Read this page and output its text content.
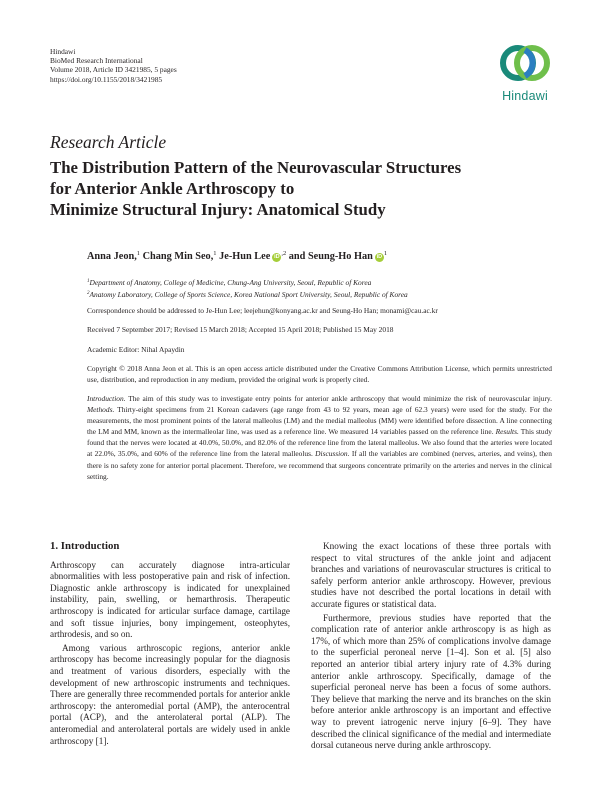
Hindawi
BioMed Research International
Volume 2018, Article ID 3421985, 5 pages
https://doi.org/10.1155/2018/3421985
Hindawi
Research Article
The Distribution Pattern of the Neurovascular Structures
for Anterior Ankle Arthroscopy to
Minimize Structural Injury: Anatomical Study
Anna Jeon,$^1$ Chang Min Seo,$^1$ Je-Hun Lee iD $^{,2}$ and Seung-Ho Han iD $^1$
$^1$Department of Anatomy, College of Medicine, Chung-Ang University, Seoul, Republic of Korea
$^2$Anatomy Laboratory, College of Sports Science, Korea National Sport University, Seoul, Republic of Korea
Correspondence should be addressed to Je-Hun Lee; leejehun@konyang.ac.kr and Seung-Ho Han; monami@cau.ac.kr
Received 7 September 2017; Revised 15 March 2018; Accepted 15 April 2018; Published 15 May 2018
Academic Editor: Nihal Apaydin
Copyright © 2018 Anna Jeon et al. This is an open access article distributed under the Creative Commons Attribution License, which permits unrestricted use, distribution, and reproduction in any medium, provided the original work is properly cited.
Introduction. The aim of this study was to investigate entry points for anterior ankle arthroscopy that would minimize the risk of neurovascular injury. Methods. Thirty-eight specimens from 21 Korean cadavers (age range from 43 to 92 years, mean age of 62.3 years) were used for the study. For the measurements, the most prominent points of the lateral malleolus (LM) and the medial malleolus (MM) were identified before dissection. A line connecting the LM and MM, known as the intermalleolar line, was used as a reference line. We measured 14 variables passed on the reference line. Results. This study found that the nerves were located at 40.0%, 50.0%, and 82.0% of the reference line from the lateral malleolus. We also found that the arteries were located at 22.0%, 35.0%, and 60% of the reference line from the lateral malleolus. Discussion. If all the variables are combined (nerves, arteries, and veins), then there is no safety zone for anterior portal placement. Therefore, we recommend that surgeons concentrate primarily on the arteries and nerves in the clinical setting.
1. Introduction

Arthroscopy can accurately diagnose intra-articular abnormalities with less postoperative pain and risk of infection. Diagnostic ankle arthroscopy is indicated for unexplained instability, pain, swelling, or hemarthrosis. Therapeutic arthroscopy is indicated for articular surface damage, cartilage and soft tissue injuries, bony impingement, osteophytes, arthrodesis, and so on.

Among various arthroscopic regions, anterior ankle arthroscopy has become increasingly popular for the diagnosis and treatment of various disorders, especially with the development of new arthroscopic instruments and techniques. There are generally three recommended portals for anterior ankle arthroscopy: the anteromedial portal (AMP), the anterocentral portal (ACP), and the anterolateral portal (ALP). The anteromedial and anterolateral portals are widely used in ankle arthroscopy [1].

Knowing the exact locations of these three portals with respect to vital structures of the ankle joint and adjacent branches and variations of neurovascular structures is critical to safely perform anterior ankle arthroscopy. However, previous studies have not described the portal locations in detail with accurate figures or statistical data.

Furthermore, previous studies have reported that the complication rate of anterior ankle arthroscopy is as high as 17%, of which more than 25% of complications involve damage to the superficial peroneal nerve [1–4]. Son et al. [5] also reported an anterior tibial artery injury rate of 4.3% during anterior ankle arthroscopy. Specifically, damage of the superficial peroneal nerve has been a focus of some authors. They believe that marking the nerve and its branches on the skin before anterior ankle arthroscopy is an important and effective way to prevent iatrogenic nerve injury [6–9]. They have described the clinical significance of the medial and intermediate dorsal cutaneous nerve during ankle arthroscopy.
